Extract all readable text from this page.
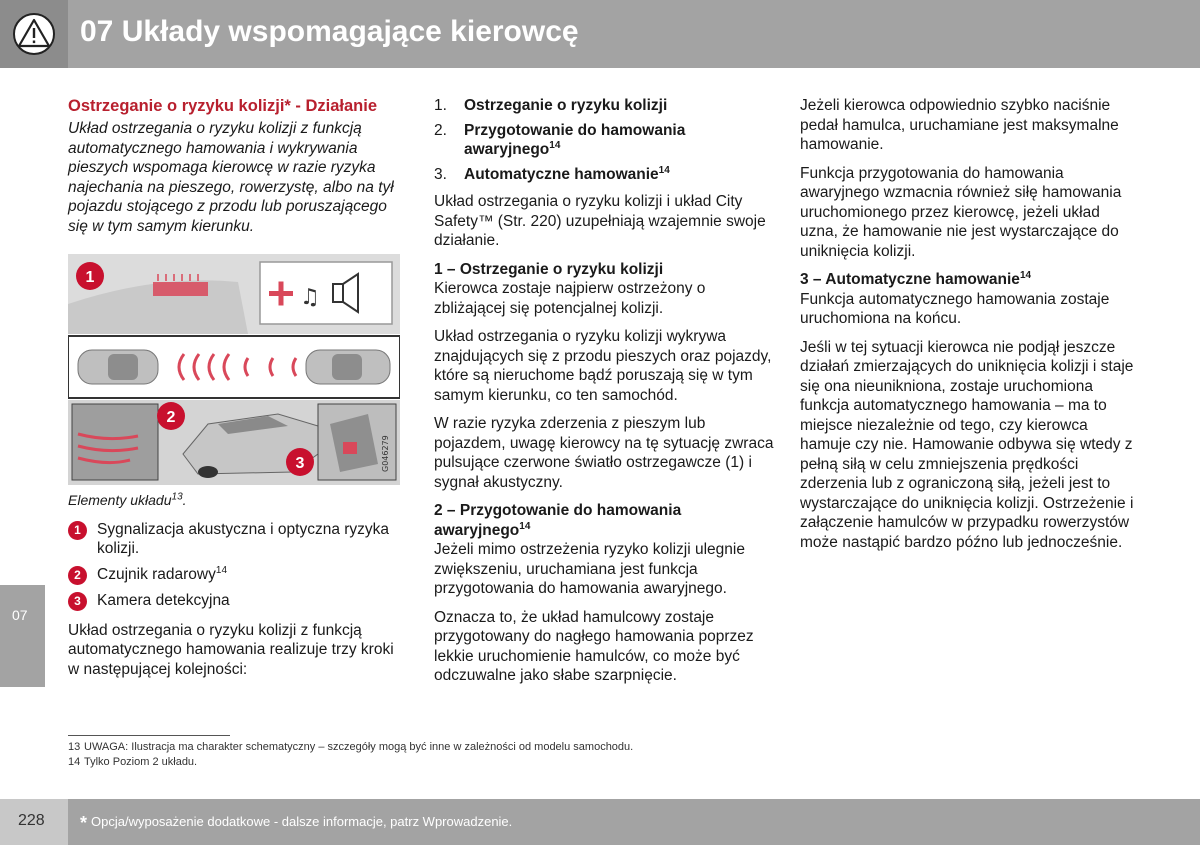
07 Układy wspomagające kierowcę
07
Ostrzeganie o ryzyku kolizji* - Działanie

Układ ostrzegania o ryzyku kolizji z funkcją automatycznego hamowania i wykrywania pieszych wspomaga kierowcę w razie ryzyka najechania na pieszego, rowerzystę, albo na tył pojazdu stojącego z przodu lub poruszającego się w tym samym kierunku.

♫
G046279
1
2
3
Elementy układu$^{13}$.
1	Sygnalizacja akustyczna i optyczna ryzyka kolizji.
2	Czujnik radarowy$^{14}$
3	Kamera detekcyjna

Układ ostrzegania o ryzyku kolizji z funkcją automatycznego hamowania realizuje trzy kroki w następującej kolejności:

1.	Ostrzeganie o ryzyku kolizji
2.	Przygotowanie do hamowania awaryjnego$^{14}$
3.	Automatyczne hamowanie$^{14}$

Układ ostrzegania o ryzyku kolizji i układ City Safety™ (Str. 220) uzupełniają wzajemnie swoje działanie.

1 – Ostrzeganie o ryzyku kolizji

Kierowca zostaje najpierw ostrzeżony o zbliżającej się potencjalnej kolizji.

Układ ostrzegania o ryzyku kolizji wykrywa znajdujących się z przodu pieszych oraz pojazdy, które są nieruchome bądź poruszają się w tym samym kierunku, co ten samochód.

W razie ryzyka zderzenia z pieszym lub pojazdem, uwagę kierowcy na tę sytuację zwraca pulsujące czerwone światło ostrzegawcze (1) i sygnał akustyczny.

2 – Przygotowanie do hamowania awaryjnego$^{14}$

Jeżeli mimo ostrzeżenia ryzyko kolizji ulegnie zwiększeniu, uruchamiana jest funkcja przygotowania do hamowania awaryjnego.

Oznacza to, że układ hamulcowy zostaje przygotowany do nagłego hamowania poprzez lekkie uruchomienie hamulców, co może być odczuwalne jako słabe szarpnięcie.

Jeżeli kierowca odpowiednio szybko naciśnie pedał hamulca, uruchamiane jest maksymalne hamowanie.

Funkcja przygotowania do hamowania awaryjnego wzmacnia również siłę hamowania uruchomionego przez kierowcę, jeżeli układ uzna, że hamowanie nie jest wystarczające do uniknięcia kolizji.

3 – Automatyczne hamowanie$^{14}$

Funkcja automatycznego hamowania zostaje uruchomiona na końcu.

Jeśli w tej sytuacji kierowca nie podjął jeszcze działań zmierzających do uniknięcia kolizji i staje się ona nieunikniona, zostaje uruchomiona funkcja automatycznego hamowania – ma to miejsce niezależnie od tego, czy kierowca hamuje czy nie. Hamowanie odbywa się wtedy z pełną siłą w celu zmniejszenia prędkości zderzenia lub z ograniczoną siłą, jeżeli jest to wystarczające do uniknięcia kolizji. Ostrzeżenie i załączenie hamulców w przypadku rowerzystów może nastąpić bardzo późno lub jednocześnie.

13 UWAGA: Ilustracja ma charakter schematyczny – szczegóły mogą być inne w zależności od modelu samochodu.
14 Tylko Poziom 2 układu.
228 * Opcja/wyposażenie dodatkowe - dalsze informacje, patrz Wprowadzenie.
